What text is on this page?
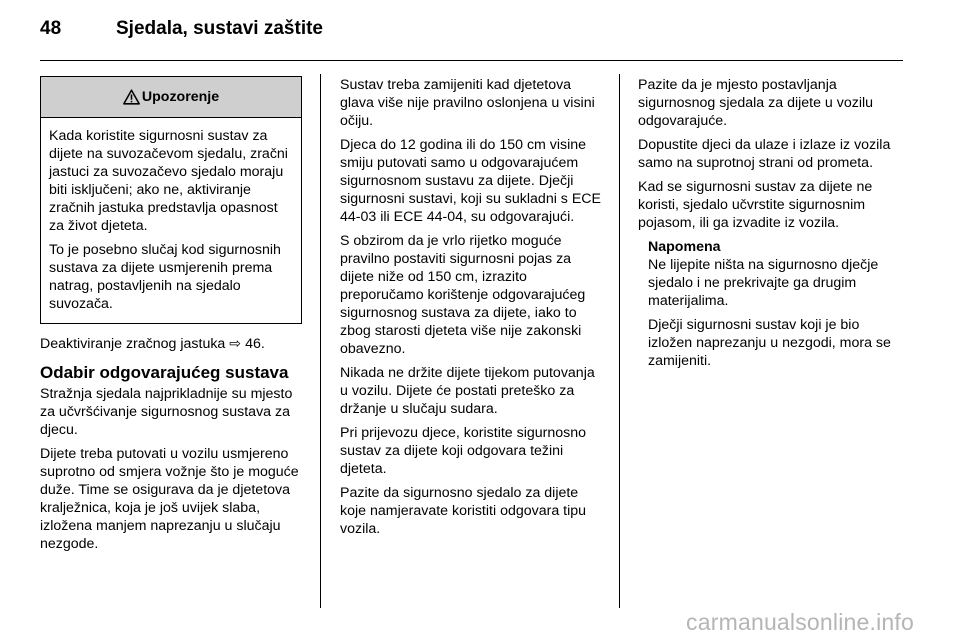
48	Sjedala, sustavi zaštite
Upozorenje

Kada koristite sigurnosni sustav za dijete na suvozačevom sjedalu, zračni jastuci za suvozačevo sjedalo moraju biti isključeni; ako ne, aktiviranje zračnih jastuka predstavlja opasnost za život djeteta.

To je posebno slučaj kod sigurnosnih sustava za dijete usmjerenih prema natrag, postavljenih na sjedalo suvozača.

Deaktiviranje zračnog jastuka ⇨ 46.

Odabir odgovarajućeg sustava

Stražnja sjedala najprikladnije su mjesto za učvršćivanje sigurnosnog sustava za djecu.

Dijete treba putovati u vozilu usmjereno suprotno od smjera vožnje što je moguće duže. Time se osigurava da je djetetova kralježnica, koja je još uvijek slaba, izložena manjem naprezanju u slučaju nezgode.

Sustav treba zamijeniti kad djetetova glava više nije pravilno oslonjena u visini očiju.

Djeca do 12 godina ili do 150 cm visine smiju putovati samo u odgovarajućem sigurnosnom sustavu za dijete. Dječji sigurnosni sustavi, koji su sukladni s ECE 44-03 ili ECE 44-04, su odgovarajući.

S obzirom da je vrlo rijetko moguće pravilno postaviti sigurnosni pojas za dijete niže od 150 cm, izrazito preporučamo korištenje odgovarajućeg sigurnosnog sustava za dijete, iako to zbog starosti djeteta više nije zakonski obavezno.

Nikada ne držite dijete tijekom putovanja u vozilu. Dijete će postati preteško za držanje u slučaju sudara.

Pri prijevozu djece, koristite sigurnosno sustav za dijete koji odgovara težini djeteta.

Pazite da sigurnosno sjedalo za dijete koje namjeravate koristiti odgovara tipu vozila.

Pazite da je mjesto postavljanja sigurnosnog sjedala za dijete u vozilu odgovarajuće.

Dopustite djeci da ulaze i izlaze iz vozila samo na suprotnoj strani od prometa.

Kad se sigurnosni sustav za dijete ne koristi, sjedalo učvrstite sigurnosnim pojasom, ili ga izvadite iz vozila.

Napomena

Ne lijepite ništa na sigurnosno dječje sjedalo i ne prekrivajte ga drugim materijalima.

Dječji sigurnosni sustav koji je bio izložen naprezanju u nezgodi, mora se zamijeniti.

carmanualsonline.info
